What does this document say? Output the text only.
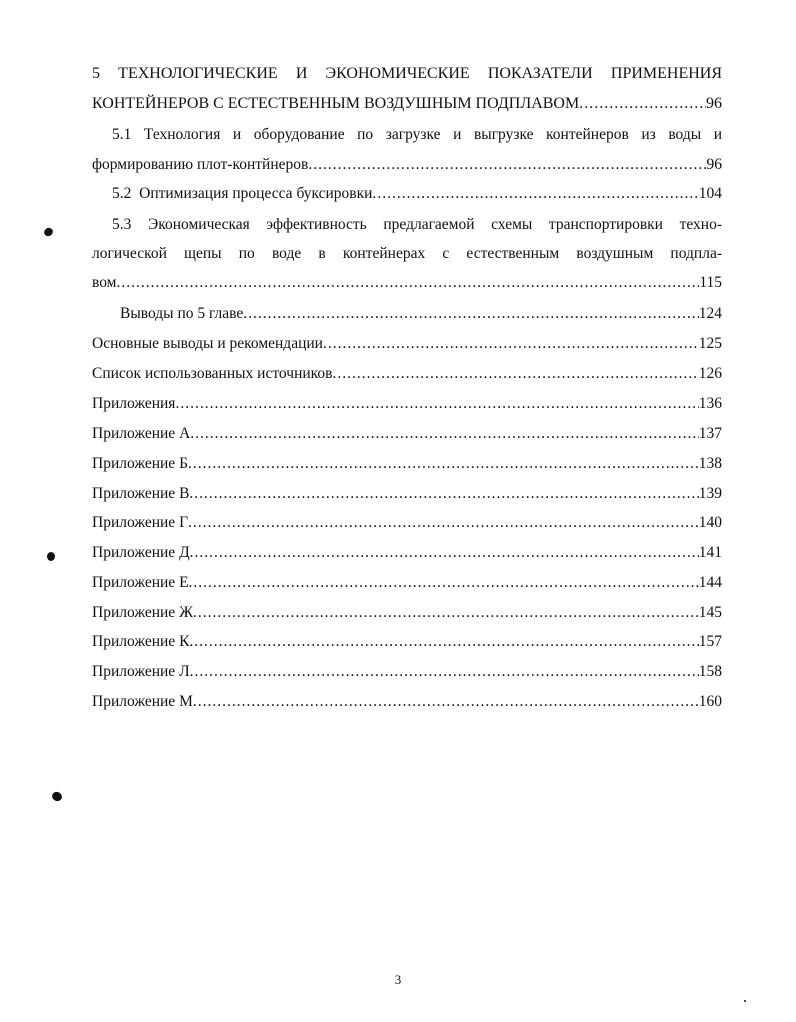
5 ТЕХНОЛОГИЧЕСКИЕ И ЭКОНОМИЧЕСКИЕ ПОКАЗАТЕЛИ ПРИМЕНЕНИЯ
КОНТЕЙНЕРОВ С ЕСТЕСТВЕННЫМ ВОЗДУШНЫМ ПОДПЛАВОМ .....	96
5.1 Технология и оборудование по загрузке и выгрузке контейнеров из воды и
формированию плот-контйнеров .....	96
5.2  Оптимизация процесса буксировки .....	104
5.3 Экономическая эффективность предлагаемой схемы транспортировки техно-
логической щепы по воде в контейнерах с естественным воздушным подпла-
вом .....	115
Выводы по 5 главе .....	124
Основные выводы и рекомендации .....	125
Список использованных источников .....	126
Приложения .....	136
Приложение А .....	137
Приложение Б .....	138
Приложение В .....	139
Приложение Г .....	140
Приложение Д .....	141
Приложение Е .....	144
Приложение Ж .....	145
Приложение К .....	157
Приложение Л .....	158
Приложение М .....	160
3
